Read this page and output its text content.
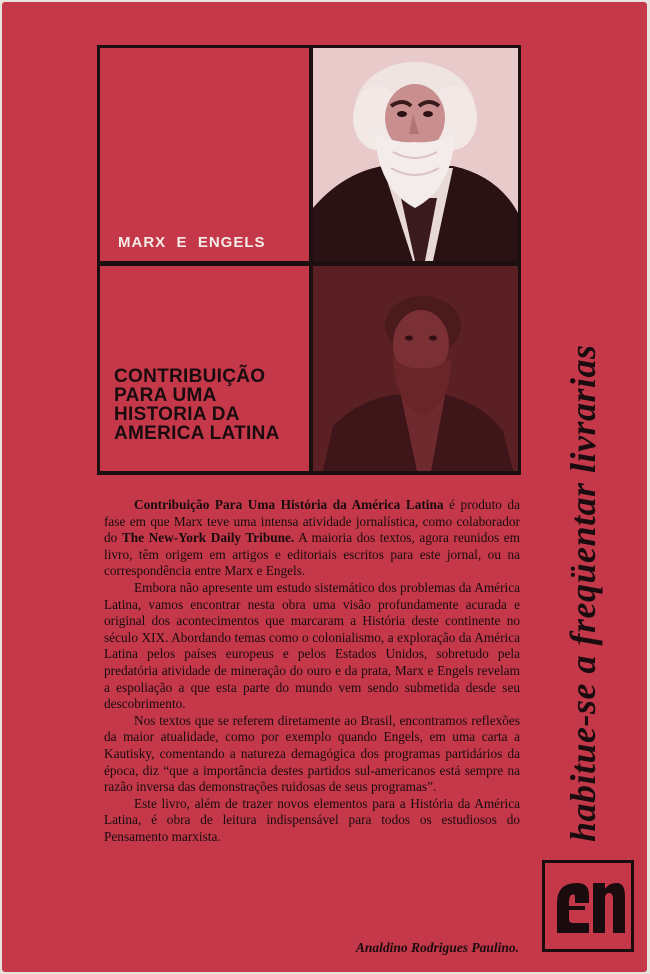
MARX  E  ENGELS
CONTRIBUIÇÃO
PARA UMA
HISTORIA DA
AMERICA LATINA

Contribuição Para Uma História da América Latina é produto da fase em que Marx teve uma intensa atividade jornalística, como colaborador do The New-York Daily Tribune. A maioria dos textos, agora reunidos em livro, têm origem em artigos e editoriais escritos para este jornal, ou na correspondência entre Marx e Engels.

Embora não apresente um estudo sistemático dos problemas da América Latina, vamos encontrar nesta obra uma visão profundamente acurada e original dos acontecimentos que marcaram a História deste continente no século XIX. Abordando temas como o colonialismo, a exploração da América Latina pelos países europeus e pelos Estados Unidos, sobretudo pela predatória atividade de mineração do ouro e da prata, Marx e Engels revelam a espoliação a que esta parte do mundo vem sendo submetida desde seu descobrimento.

Nos textos que se referem diretamente ao Brasil, encontramos reflexões da maior atualidade, como por exemplo quando Engels, em uma carta a Kautisky, comentando a natureza demagógica dos programas partidários da época, diz “que a importância destes partidos sul-americanos está sempre na razão inversa das demonstrações ruidosas de seus programas”.

Este livro, além de trazer novos elementos para a História da América Latina, é obra de leitura indispensável para todos os estudiosos do Pensamento marxista.

Analdino Rodrigues Paulino.
habitue-se a freqüentar livrarias
